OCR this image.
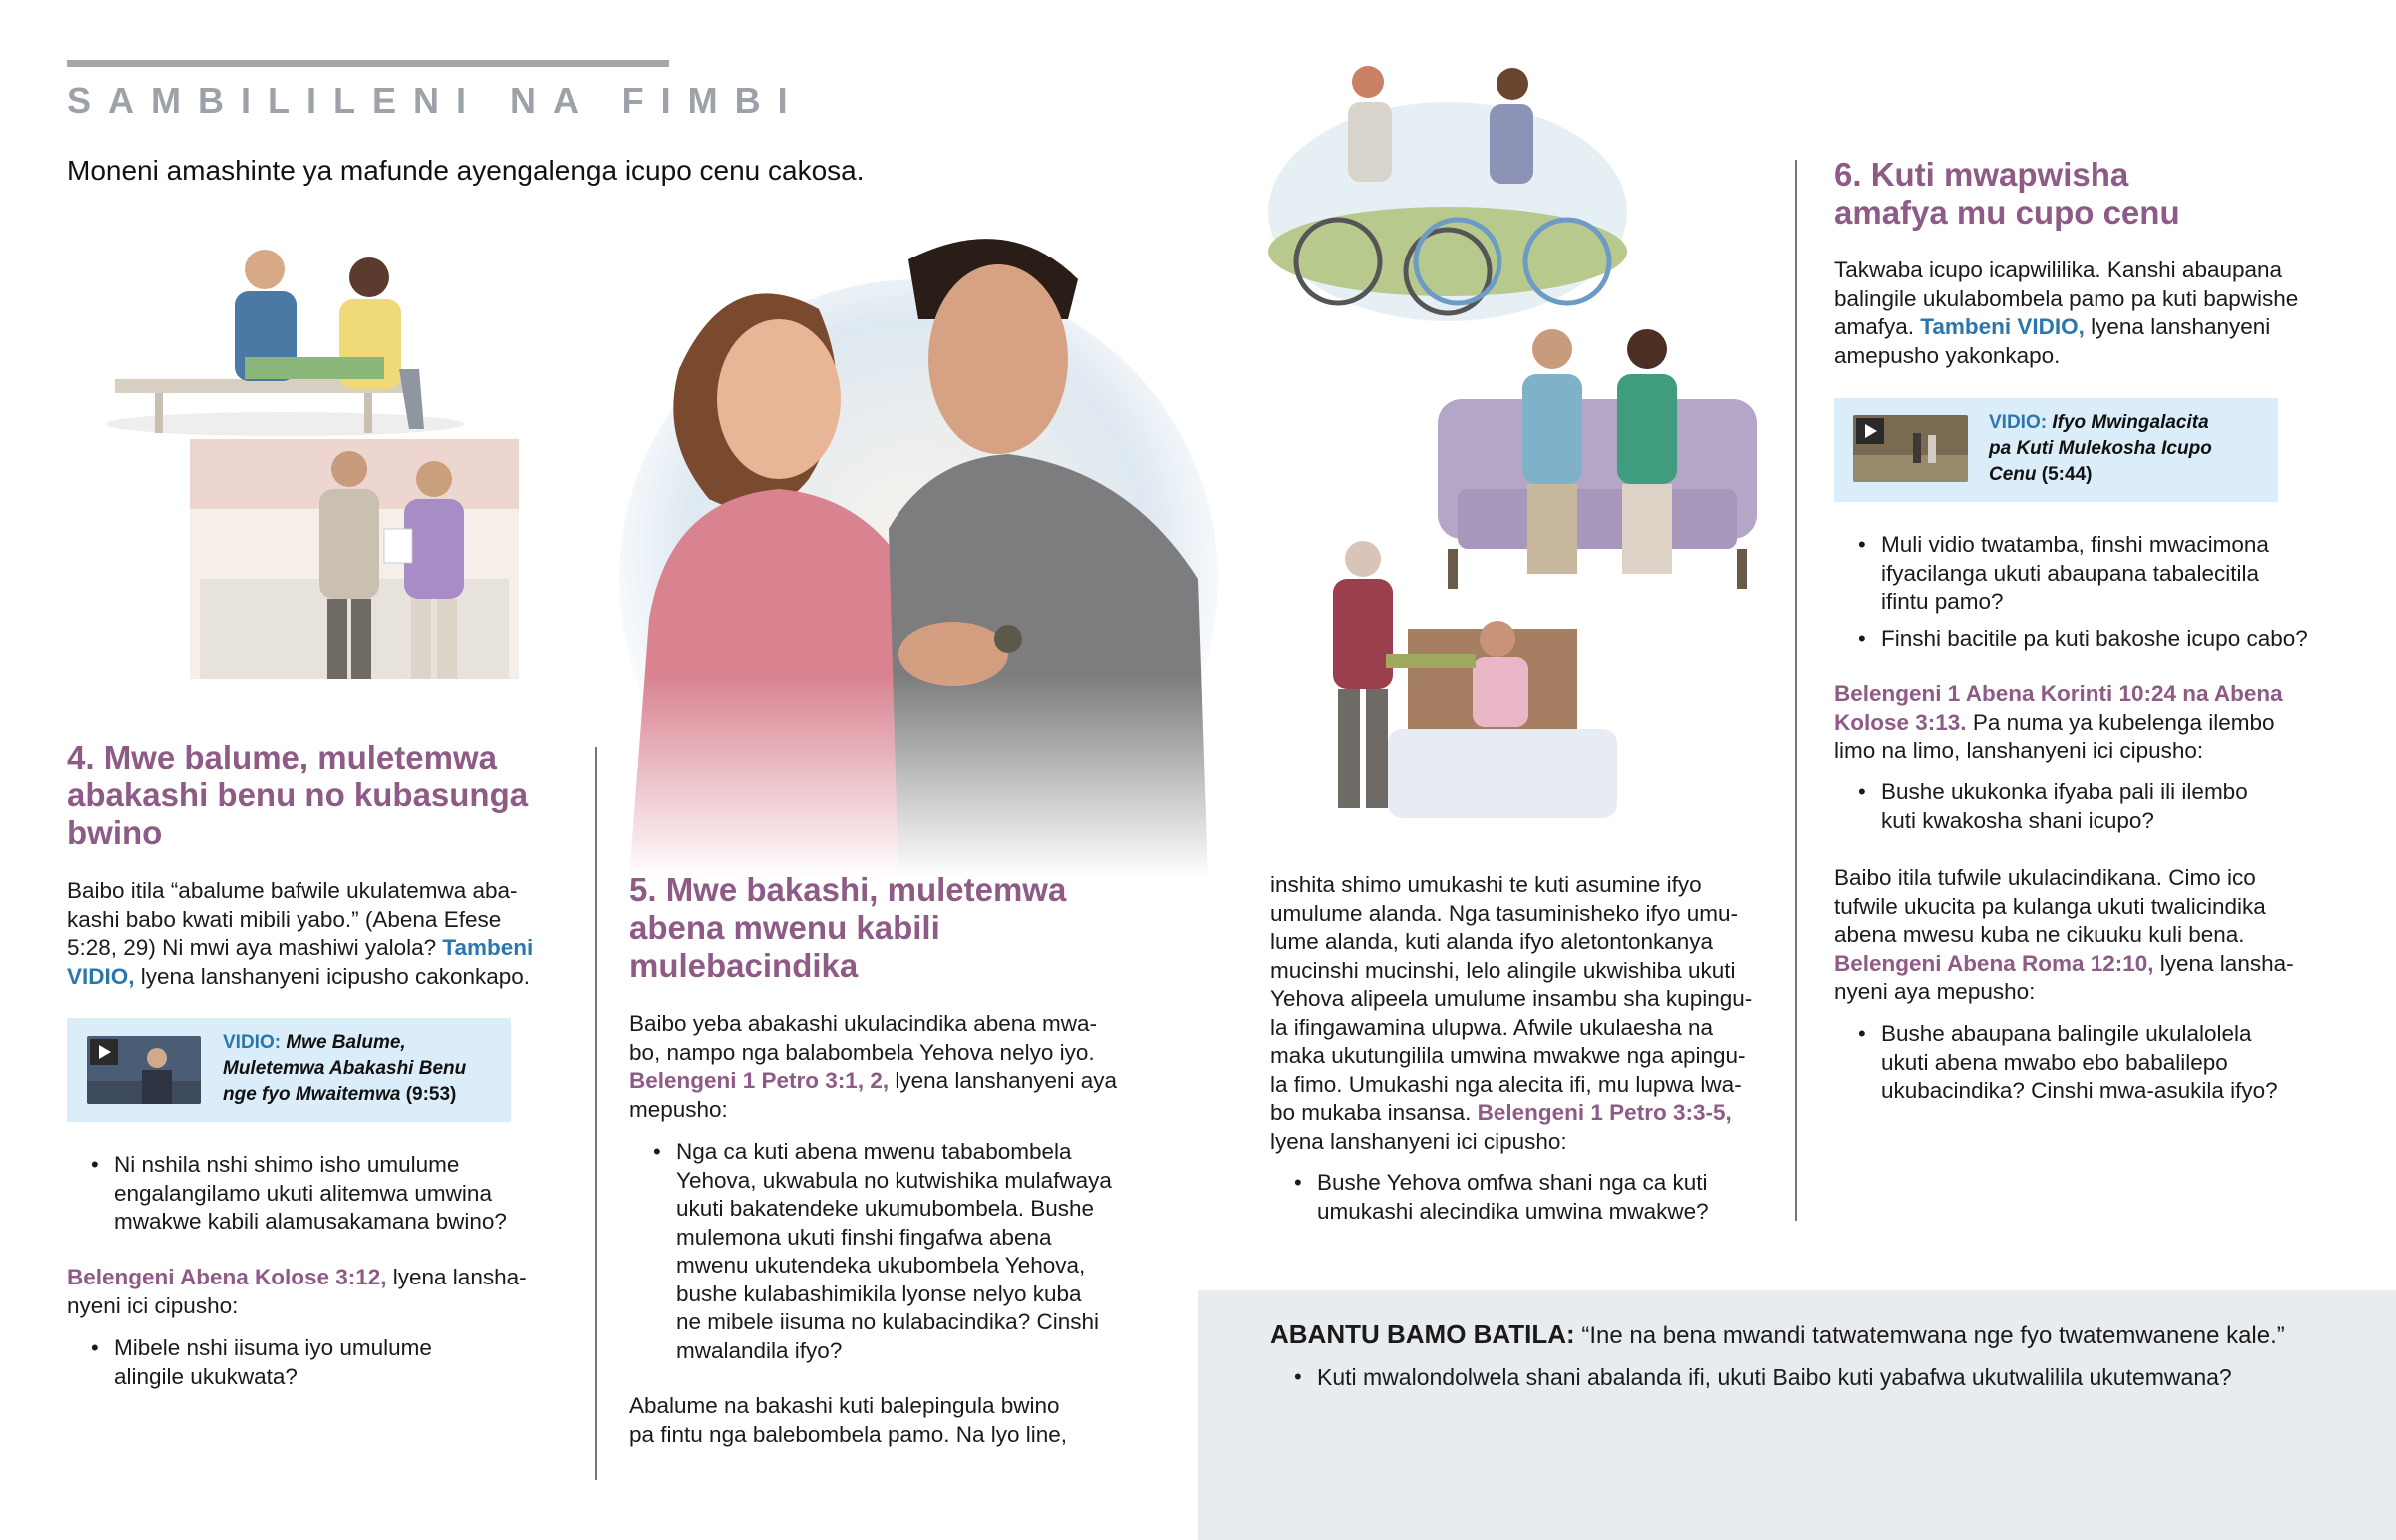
SAMBILILENI NA FIMBI
Moneni amashinte ya mafunde ayengalenga icupo cenu cakosa.
4. Mwe balume, muletemwa
abakashi benu no kubasunga
bwino

Baibo itila “abalume bafwile ukulatemwa aba-
kashi babo kwati mibili yabo.” (Abena Efese
5:28, 29) Ni mwi aya mashiwi yalola? Tambeni
VIDIO, lyena lanshanyeni icipusho cakonkapo.

VIDIO: Mwe Balume,
Muletemwa Abakashi Benu
nge fyo Mwaitemwa (9:53)
• Ni nshila nshi shimo isho umulume
engalangilamo ukuti alitemwa umwina
mwakwe kabili alamusakamana bwino?
Belengeni Abena Kolose 3:12, lyena lansha-
nyeni ici cipusho:
• Mibele nshi iisuma iyo umulume
alingile ukukwata?
5. Mwe bakashi, muletemwa
abena mwenu kabili
mulebacindika
Baibo yeba abakashi ukulacindika abena mwa-
bo, nampo nga balabombela Yehova nelyo iyo.
Belengeni 1 Petro 3:1, 2, lyena lanshanyeni aya
mepusho:
• Nga ca kuti abena mwenu tababombela
Yehova, ukwabula no kutwishika mulafwaya
ukuti bakatendeke ukumubombela. Bushe
mulemona ukuti finshi fingafwa abena
mwenu ukutendeka ukubombela Yehova,
bushe kulabashimikila lyonse nelyo kuba
ne mibele iisuma no kulabacindika? Cinshi
mwalandila ifyo?
Abalume na bakashi kuti balepingula bwino
pa fintu nga balebombela pamo. Na lyo line,
inshita shimo umukashi te kuti asumine ifyo
umulume alanda. Nga tasuminisheko ifyo umu-
lume alanda, kuti alanda ifyo aletontonkanya
mucinshi mucinshi, lelo alingile ukwishiba ukuti
Yehova alipeela umulume insambu sha kupingu-
la ifingawamina ulupwa. Afwile ukulaesha na
maka ukutungilila umwina mwakwe nga apingu-
la fimo. Umukashi nga alecita ifi, mu lupwa lwa-
bo mukaba insansa. Belengeni 1 Petro 3:3-5,
lyena lanshanyeni ici cipusho:
• Bushe Yehova omfwa shani nga ca kuti
umukashi alecindika umwina mwakwe?
6. Kuti mwapwisha
amafya mu cupo cenu
Takwaba icupo icapwililika. Kanshi abaupana
balingile ukulabombela pamo pa kuti bapwishe
amafya. Tambeni VIDIO, lyena lanshanyeni
amepusho yakonkapo.
VIDIO: Ifyo Mwingalacita
pa Kuti Mulekosha Icupo
Cenu (5:44)
• Muli vidio twatamba, finshi mwacimona
ifyacilanga ukuti abaupana tabalecitila
ifintu pamo?
• Finshi bacitile pa kuti bakoshe icupo cabo?
Belengeni 1 Abena Korinti 10:24 na Abena
Kolose 3:13. Pa numa ya kubelenga ilembo
limo na limo, lanshanyeni ici cipusho:
• Bushe ukukonka ifyaba pali ili ilembo
kuti kwakosha shani icupo?
Baibo itila tufwile ukulacindikana. Cimo ico
tufwile ukucita pa kulanga ukuti twalicindika
abena mwesu kuba ne cikuuku kuli bena.
Belengeni Abena Roma 12:10, lyena lansha-
nyeni aya mepusho:
• Bushe abaupana balingile ukulalolela
ukuti abena mwabo ebo babalilepo
ukubacindika? Cinshi mwa-asukila ifyo?
ABANTU BAMO BATILA: “Ine na bena mwandi tatwatemwana nge fyo twatemwanene kale.”
• Kuti mwalondolwela shani abalanda ifi, ukuti Baibo kuti yabafwa ukutwalilila ukutemwana?
